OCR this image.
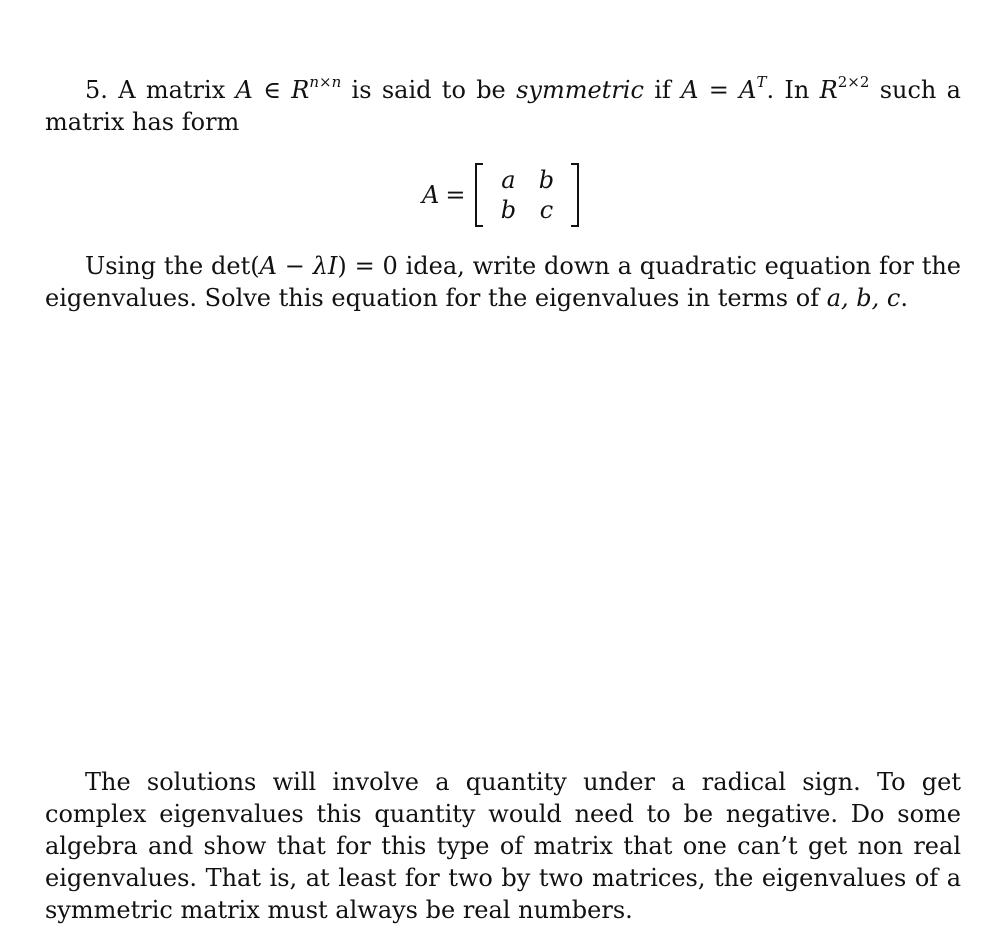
5. A matrix A ∈ $R^{n\times n}$ is said to be symmetric if $A = A^T$. In $R^{2\times 2}$ such a matrix has form

A =
a b
b c

Using the det(A − λI) = 0 idea, write down a quadratic equation for the eigenvalues. Solve this equation for the eigenvalues in terms of a, b, c.

The solutions will involve a quantity under a radical sign. To get complex eigenvalues this quantity would need to be negative. Do some algebra and show that for this type of matrix that one can’t get non real eigenvalues. That is, at least for two by two matrices, the eigenvalues of a symmetric matrix must always be real numbers.
